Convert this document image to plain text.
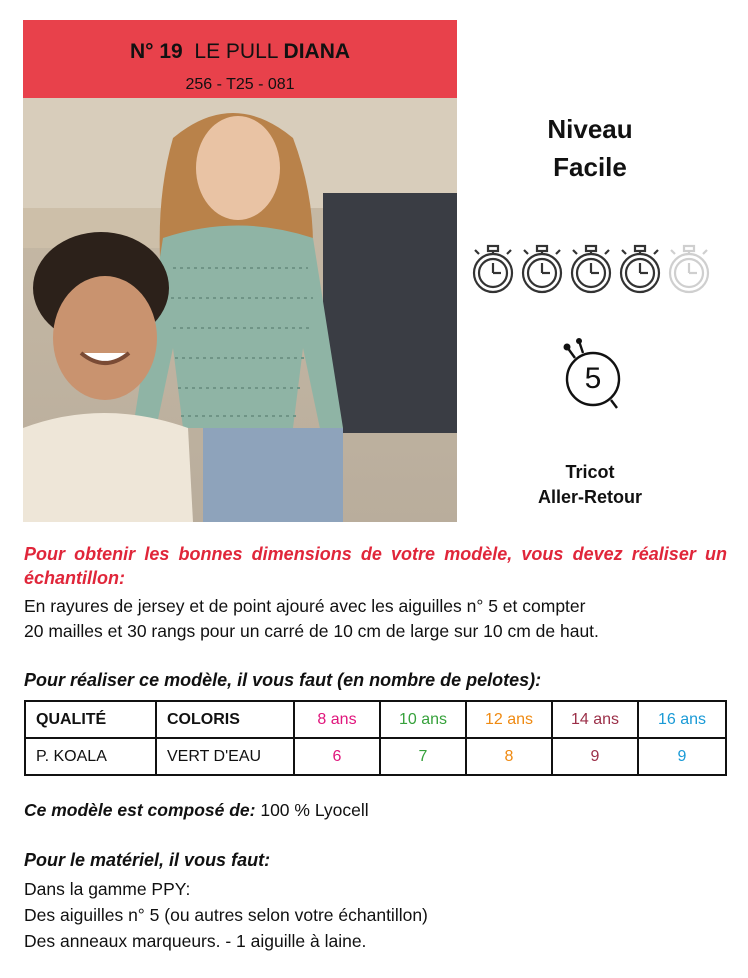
N° 19 LE PULL DIANA
256 - T25 - 081
Niveau
Facile
5
Tricot
Aller-Retour
Pour obtenir les bonnes dimensions de votre modèle, vous devez réaliser un échantillon:
En rayures de jersey et de point ajouré avec les aiguilles n° 5 et compter
20 mailles et 30 rangs pour un carré de 10 cm de large sur 10 cm de haut.
Pour réaliser ce modèle, il vous faut (en nombre de pelotes):
QUALITÉ	COLORIS	8 ans	10 ans	12 ans	14 ans	16 ans
P. KOALA	VERT D'EAU	6	7	8	9	9
Ce modèle est composé de: 100 % Lyocell
Pour le matériel, il vous faut:
Dans la gamme PPY:
Des aiguilles n° 5 (ou autres selon votre échantillon)
Des anneaux marqueurs. - 1 aiguille à laine.
